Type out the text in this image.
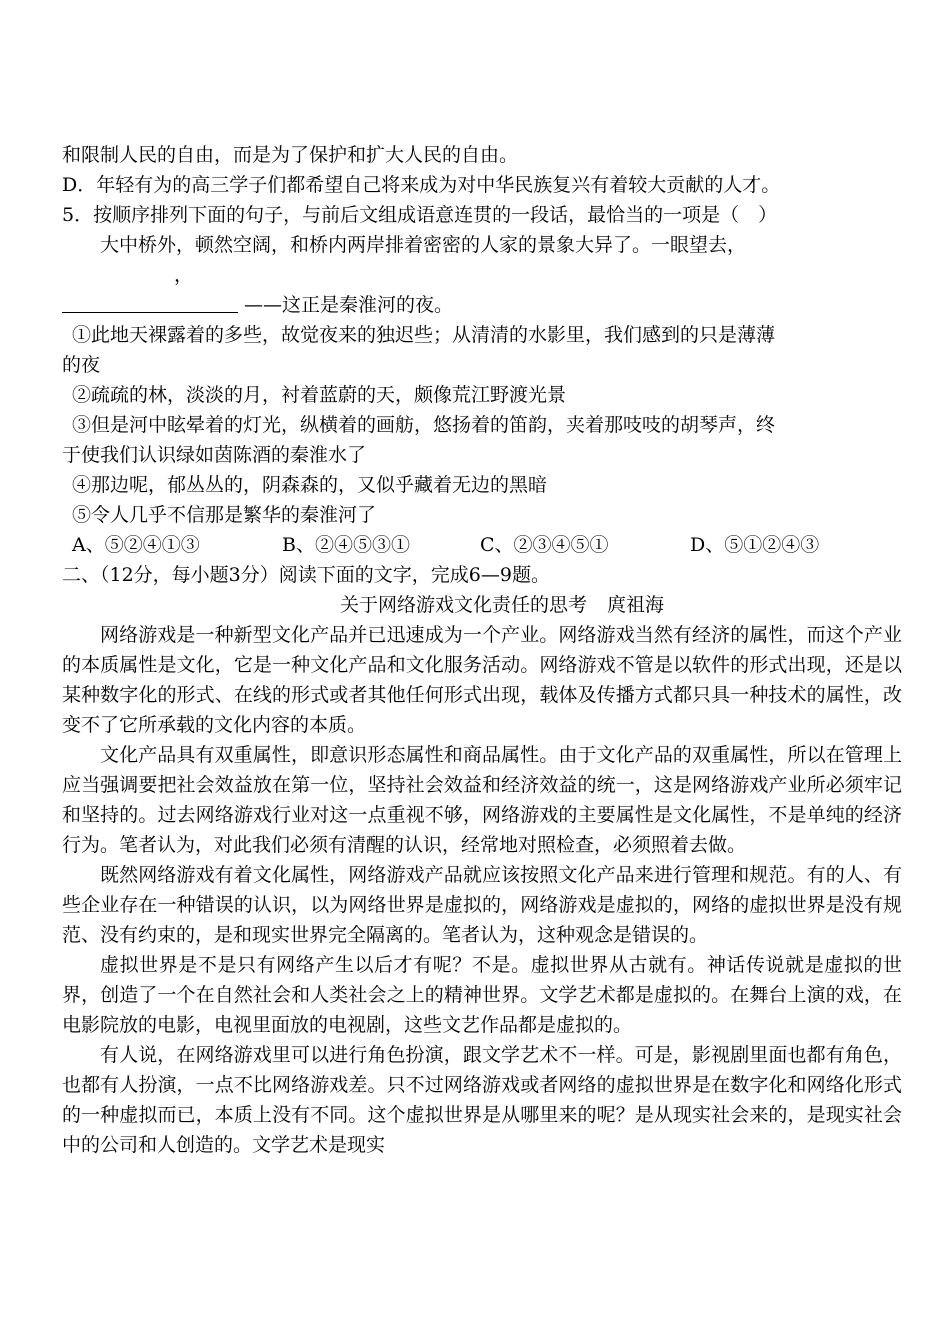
和限制人民的自由，而是为了保护和扩大人民的自由。
D．年轻有为的高三学子们都希望自己将来成为对中华民族复兴有着较大贡献的人才。
5．按顺序排列下面的句子，与前后文组成语意连贯的一段话，最恰当的一项是（　）
大中桥外，顿然空阔，和桥内两岸排着密密的人家的景象大异了。一眼望去，
，
——这正是秦淮河的夜。
①此地天裸露着的多些，故觉夜来的独迟些；从清清的水影里，我们感到的只是薄薄
的夜
②疏疏的林，淡淡的月，衬着蓝蔚的天，颇像荒江野渡光景
③但是河中眩晕着的灯光，纵横着的画舫，悠扬着的笛韵，夹着那吱吱的胡琴声，终
于使我们认识绿如茵陈酒的秦淮水了
④那边呢，郁丛丛的，阴森森的，又似乎藏着无边的黑暗
⑤令人几乎不信那是繁华的秦淮河了
A、⑤②④①③	B、②④⑤③①	C、②③④⑤①	D、⑤①②④③
二、（12分，每小题3分）阅读下面的文字，完成6—9题。
关于网络游戏文化责任的思考 庹祖海

网络游戏是一种新型文化产品并已迅速成为一个产业。网络游戏当然有经济的属性，而这个产业的本质属性是文化，它是一种文化产品和文化服务活动。网络游戏不管是以软件的形式出现，还是以某种数字化的形式、在线的形式或者其他任何形式出现，载体及传播方式都只具一种技术的属性，改变不了它所承载的文化内容的本质。

文化产品具有双重属性，即意识形态属性和商品属性。由于文化产品的双重属性，所以在管理上应当强调要把社会效益放在第一位，坚持社会效益和经济效益的统一，这是网络游戏产业所必须牢记和坚持的。过去网络游戏行业对这一点重视不够，网络游戏的主要属性是文化属性，不是单纯的经济行为。笔者认为，对此我们必须有清醒的认识，经常地对照检查，必须照着去做。

既然网络游戏有着文化属性，网络游戏产品就应该按照文化产品来进行管理和规范。有的人、有些企业存在一种错误的认识，以为网络世界是虚拟的，网络游戏是虚拟的，网络的虚拟世界是没有规范、没有约束的，是和现实世界完全隔离的。笔者认为，这种观念是错误的。

虚拟世界是不是只有网络产生以后才有呢？不是。虚拟世界从古就有。神话传说就是虚拟的世界，创造了一个在自然社会和人类社会之上的精神世界。文学艺术都是虚拟的。在舞台上演的戏，在电影院放的电影，电视里面放的电视剧，这些文艺作品都是虚拟的。

有人说，在网络游戏里可以进行角色扮演，跟文学艺术不一样。可是，影视剧里面也都有角色，也都有人扮演，一点不比网络游戏差。只不过网络游戏或者网络的虚拟世界是在数字化和网络化形式的一种虚拟而已，本质上没有不同。这个虚拟世界是从哪里来的呢？是从现实社会来的，是现实社会中的公司和人创造的。文学艺术是现实
